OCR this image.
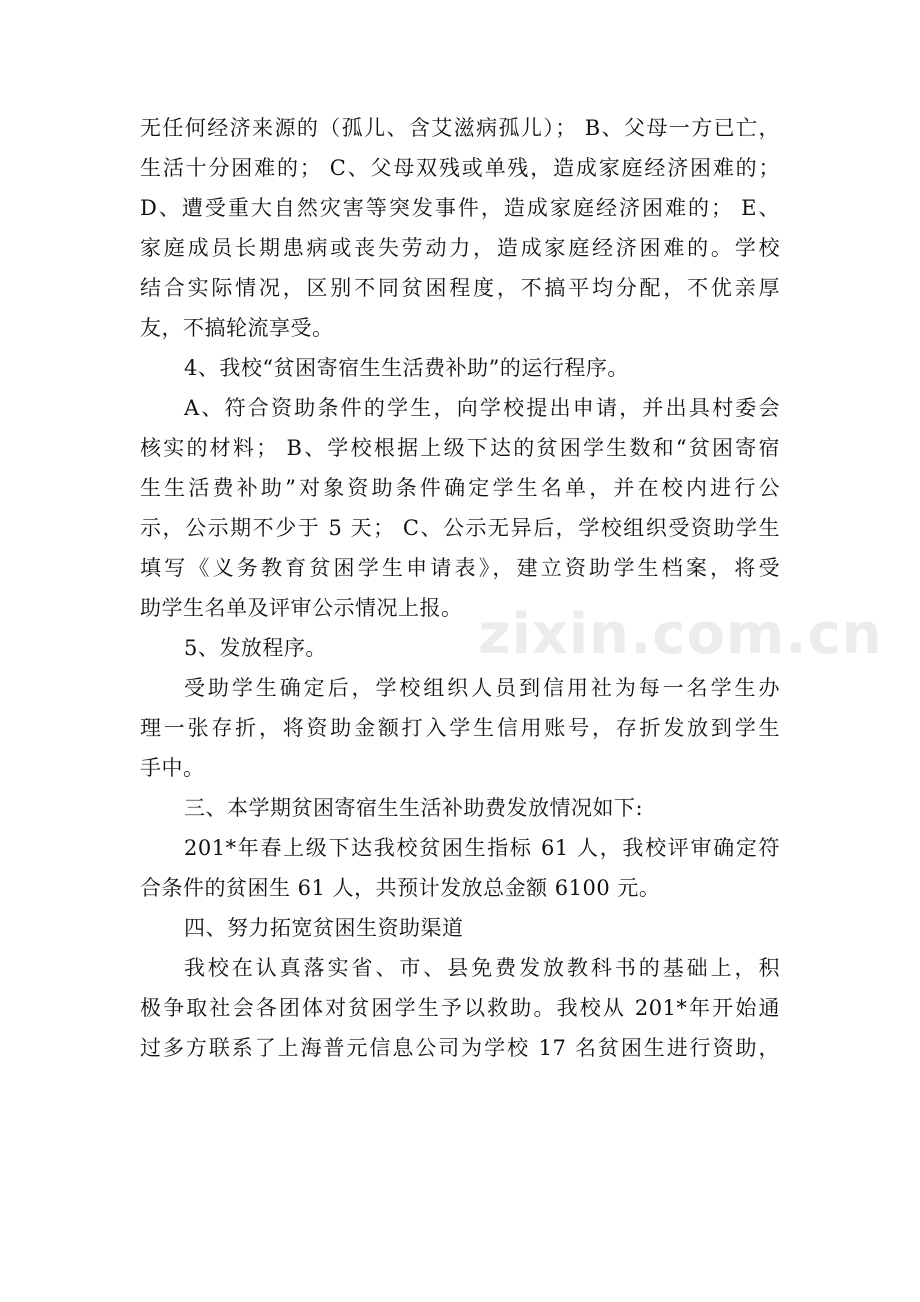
无任何经济来源的（孤儿、含艾滋病孤儿）； B、父母一方已亡，
生活十分困难的； C、父母双残或单残，造成家庭经济困难的；
D、遭受重大自然灾害等突发事件，造成家庭经济困难的； E、
家庭成员长期患病或丧失劳动力，造成家庭经济困难的。学校
结合实际情况，区别不同贫困程度，不搞平均分配，不优亲厚
友，不搞轮流享受。
4、我校“贫困寄宿生生活费补助”的运行程序。
A、符合资助条件的学生，向学校提出申请，并出具村委会
核实的材料； B、学校根据上级下达的贫困学生数和“贫困寄宿
生生活费补助”对象资助条件确定学生名单，并在校内进行公
示，公示期不少于 5 天； C、公示无异后，学校组织受资助学生
填写《义务教育贫困学生申请表》，建立资助学生档案，将受
助学生名单及评审公示情况上报。
5、发放程序。
受助学生确定后，学校组织人员到信用社为每一名学生办
理一张存折，将资助金额打入学生信用账号，存折发放到学生
手中。
三、本学期贫困寄宿生生活补助费发放情况如下:
201*年春上级下达我校贫困生指标 61 人，我校评审确定符
合条件的贫困生 61 人，共预计发放总金额 6100 元。
四、努力拓宽贫困生资助渠道
我校在认真落实省、市、县免费发放教科书的基础上，积
极争取社会各团体对贫困学生予以救助。我校从 201*年开始通
过多方联系了上海普元信息公司为学校 17 名贫困生进行资助，
zixin.com.cn
